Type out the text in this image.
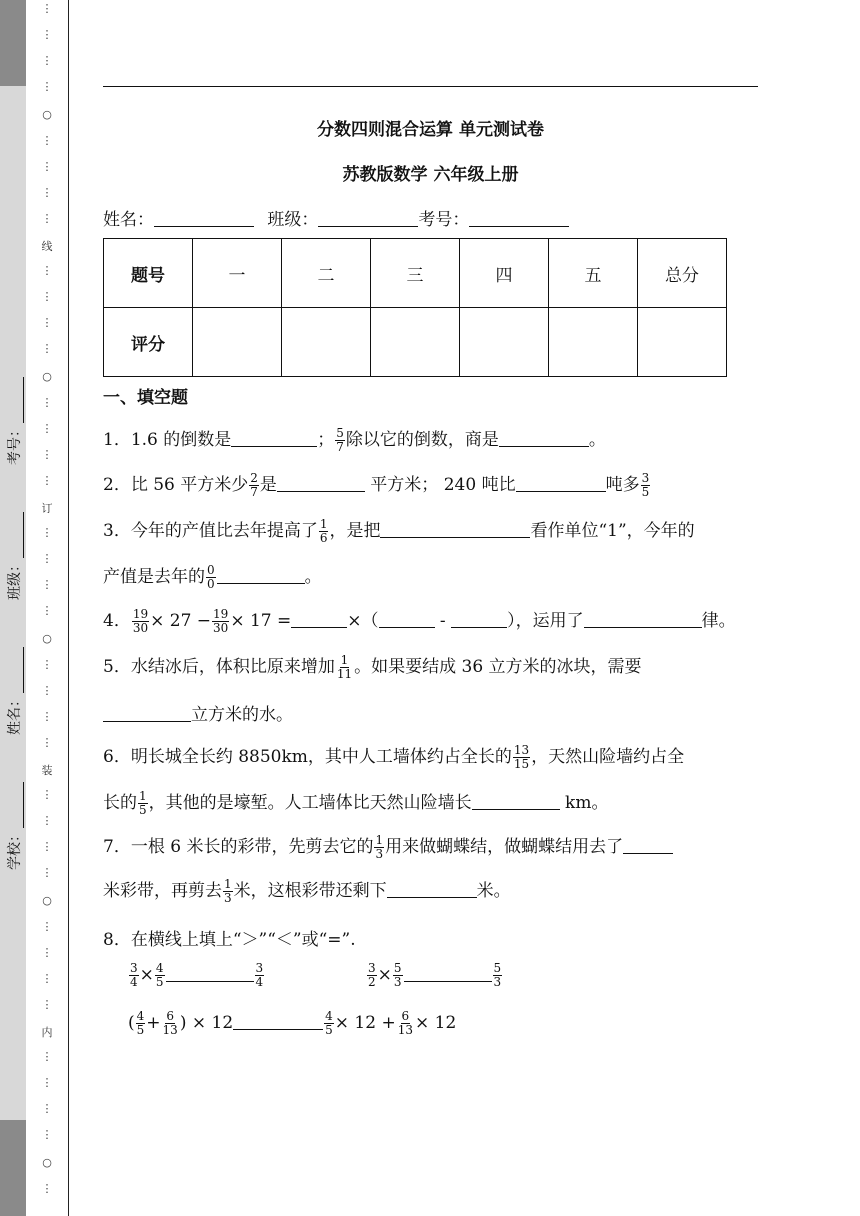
⋮
⋮
⋮
⋮
○
⋮
⋮
⋮
⋮
线
⋮
⋮
⋮
⋮
○
⋮
⋮
⋮
⋮
订
⋮
⋮
⋮
⋮
○
⋮
⋮
⋮
⋮
装
⋮
⋮
⋮
⋮
○
⋮
⋮
⋮
⋮
内
⋮
⋮
⋮
⋮
○
⋮
学校：
姓名：
班级：
考号：
分数四则混合运算 单元测试卷
苏教版数学 六年级上册
姓名：	班级：	考号：
题号	一	二	三	四	五	总分
评分						
一、填空题
1．1.6 的倒数是	； $\frac{5}{7}$ 除以它的倒数，商是	。
2．比 56 平方米少 $\frac{2}{7}$ 是	平方米； 240 吨比	吨多 $\frac{3}{5}$
3．今年的产值比去年提高了 $\frac{1}{6}$ ，是把	看作单位“1”，今年的
产值是去年的 $\frac{0}{0}$	。
4． $\frac{19}{30} \times 27 - \frac{19}{30} \times 17$ =	×（	-	），运用了	律。
5．水结冰后，体积比原来增加 $\frac{1}{11}$ 。如果要结成 36 立方米的冰块，需要
立方米的水。
6．明长城全长约 8850km，其中人工墙体约占全长的 $\frac{13}{15}$ ，天然山险墙约占全
长的 $\frac{1}{5}$ ，其他的是壕堑。人工墙体比天然山险墙长	km。
7．一根 6 米长的彩带，先剪去它的 $\frac{1}{3}$ 用来做蝴蝶结，做蝴蝶结用去了
米彩带，再剪去 $\frac{1}{3}$ 米，这根彩带还剩下	米。
8．在横线上填上“＞”“＜”或“=”.
$\frac{3}{4} \times \frac{4}{5}$	$\frac{3}{4}$	$\frac{3}{2} \times \frac{5}{3}$	$\frac{5}{3}$
( $\frac{4}{5} + \frac{6}{13}$ ) × 12	$\frac{4}{5} \times 12 + \frac{6}{13} \times 12$
